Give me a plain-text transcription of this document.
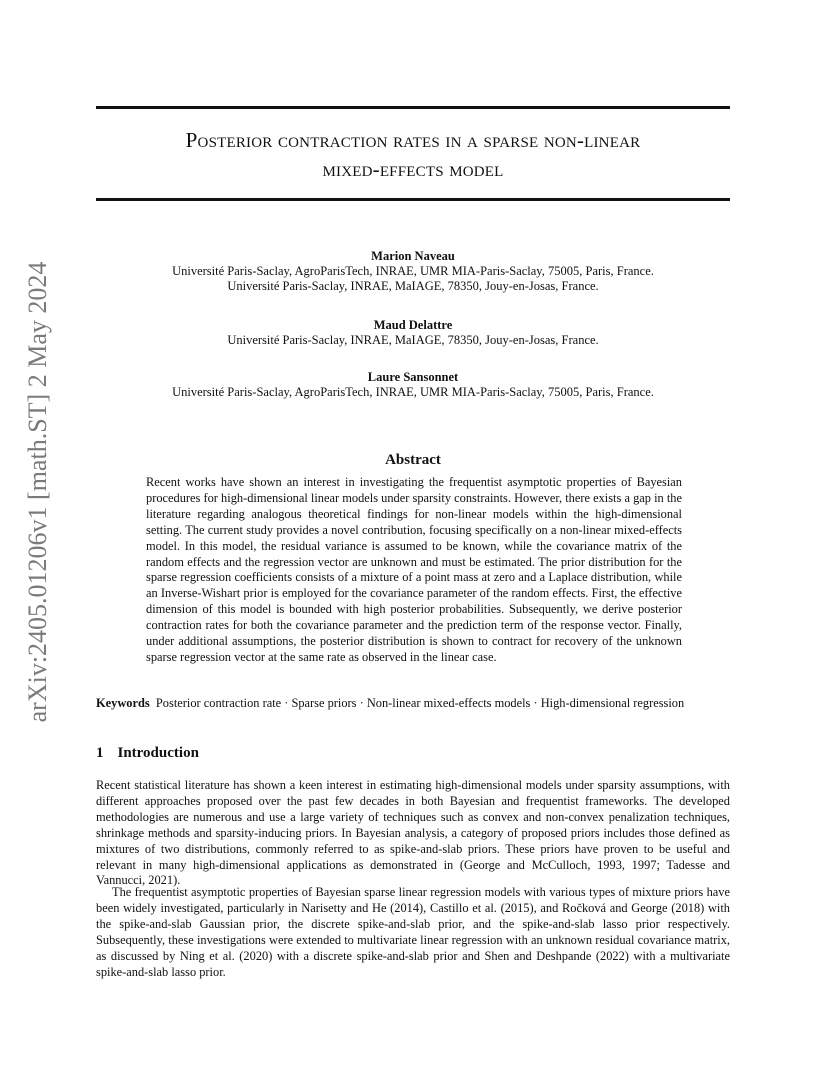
arXiv:2405.01206v1 [math.ST] 2 May 2024
Posterior contraction rates in a sparse non-linear
mixed-effects model
Marion Naveau
Université Paris-Saclay, AgroParisTech, INRAE, UMR MIA-Paris-Saclay, 75005, Paris, France.
Université Paris-Saclay, INRAE, MaIAGE, 78350, Jouy-en-Josas, France.
Maud Delattre
Université Paris-Saclay, INRAE, MaIAGE, 78350, Jouy-en-Josas, France.
Laure Sansonnet
Université Paris-Saclay, AgroParisTech, INRAE, UMR MIA-Paris-Saclay, 75005, Paris, France.
Abstract
Recent works have shown an interest in investigating the frequentist asymptotic properties of Bayesian procedures for high-dimensional linear models under sparsity constraints. However, there exists a gap in the literature regarding analogous theoretical findings for non-linear models within the high-dimensional setting. The current study provides a novel contribution, focusing specifically on a non-linear mixed-effects model. In this model, the residual variance is assumed to be known, while the covariance matrix of the random effects and the regression vector are unknown and must be estimated. The prior distribution for the sparse regression coefficients consists of a mixture of a point mass at zero and a Laplace distribution, while an Inverse-Wishart prior is employed for the covariance parameter of the random effects. First, the effective dimension of this model is bounded with high posterior probabilities. Subsequently, we derive posterior contraction rates for both the covariance parameter and the prediction term of the response vector. Finally, under additional assumptions, the posterior distribution is shown to contract for recovery of the unknown sparse regression vector at the same rate as observed in the linear case.
Keywords Posterior contraction rate · Sparse priors · Non-linear mixed-effects models · High-dimensional regression
1 Introduction
Recent statistical literature has shown a keen interest in estimating high-dimensional models under sparsity assumptions, with different approaches proposed over the past few decades in both Bayesian and frequentist frameworks. The developed methodologies are numerous and use a large variety of techniques such as convex and non-convex penalization techniques, shrinkage methods and sparsity-inducing priors. In Bayesian analysis, a category of proposed priors includes those defined as mixtures of two distributions, commonly referred to as spike-and-slab priors. These priors have proven to be useful and relevant in many high-dimensional applications as demonstrated in (George and McCulloch, 1993, 1997; Tadesse and Vannucci, 2021).
The frequentist asymptotic properties of Bayesian sparse linear regression models with various types of mixture priors have been widely investigated, particularly in Narisetty and He (2014), Castillo et al. (2015), and Ročková and George (2018) with the spike-and-slab Gaussian prior, the discrete spike-and-slab prior, and the spike-and-slab lasso prior respectively. Subsequently, these investigations were extended to multivariate linear regression with an unknown residual covariance matrix, as discussed by Ning et al. (2020) with a discrete spike-and-slab prior and Shen and Deshpande (2022) with a multivariate spike-and-slab lasso prior.
